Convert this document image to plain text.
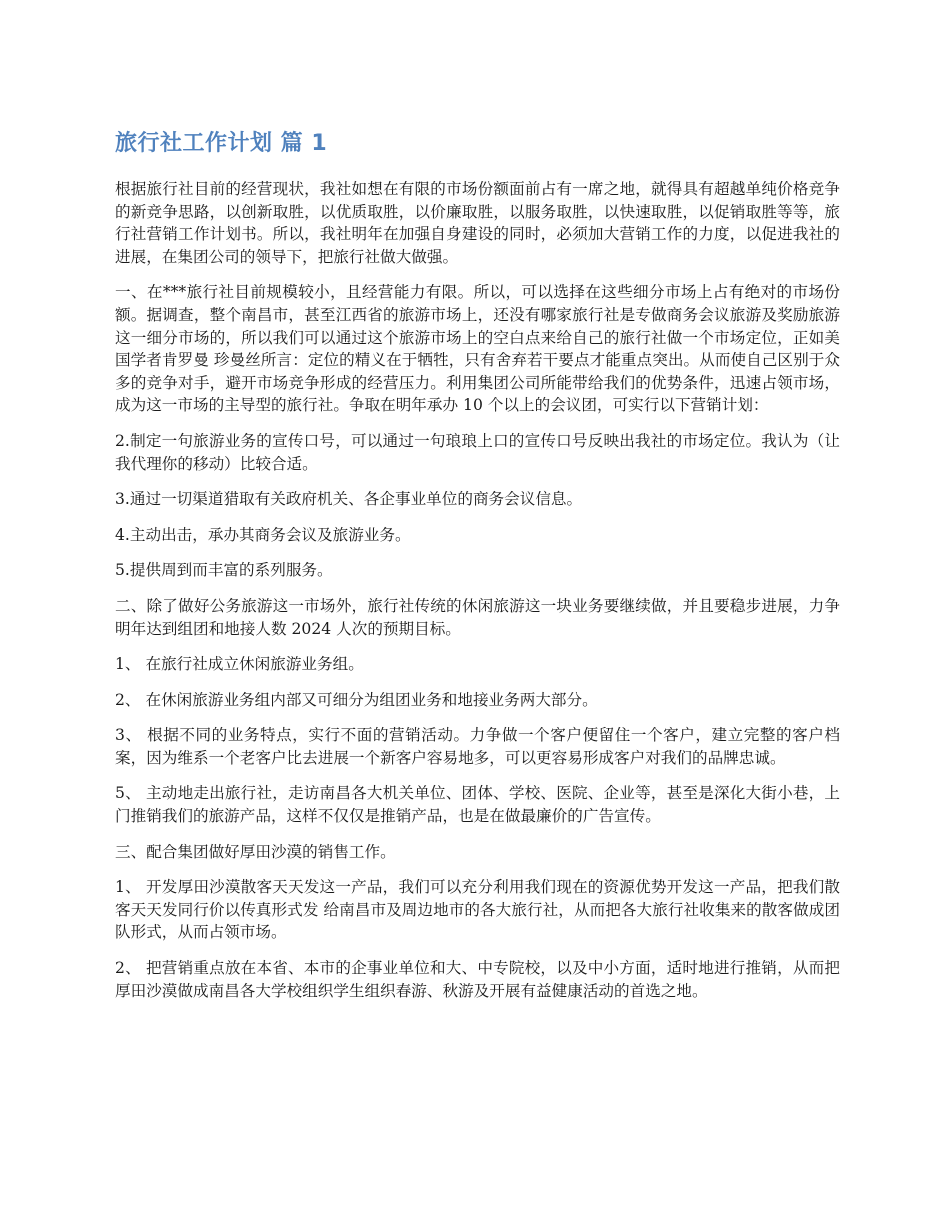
旅行社工作计划 篇 1

根据旅行社目前的经营现状，我社如想在有限的市场份额面前占有一席之地，就得具有超越单纯价格竞争的新竞争思路，以创新取胜，以优质取胜，以价廉取胜，以服务取胜，以快速取胜，以促销取胜等等，旅行社营销工作计划书。所以，我社明年在加强自身建设的同时，必须加大营销工作的力度，以促进我社的进展，在集团公司的领导下，把旅行社做大做强。

一、在***旅行社目前规模较小，且经营能力有限。所以，可以选择在这些细分市场上占有绝对的市场份额。据调查，整个南昌市，甚至江西省的旅游市场上，还没有哪家旅行社是专做商务会议旅游及奖励旅游这一细分市场的，所以我们可以通过这个旅游市场上的空白点来给自己的旅行社做一个市场定位，正如美国学者肯罗曼 珍曼丝所言：定位的精义在于牺牲，只有舍弃若干要点才能重点突出。从而使自己区别于众多的竞争对手，避开市场竞争形成的经营压力。利用集团公司所能带给我们的优势条件，迅速占领市场，成为这一市场的主导型的旅行社。争取在明年承办 10 个以上的会议团，可实行以下营销计划：

2.制定一句旅游业务的宣传口号，可以通过一句琅琅上口的宣传口号反映出我社的市场定位。我认为（让我代理你的移动）比较合适。

3.通过一切渠道猎取有关政府机关、各企事业单位的商务会议信息。

4.主动出击，承办其商务会议及旅游业务。

5.提供周到而丰富的系列服务。

二、除了做好公务旅游这一市场外，旅行社传统的休闲旅游这一块业务要继续做，并且要稳步进展，力争明年达到组团和地接人数 2024 人次的预期目标。

1、 在旅行社成立休闲旅游业务组。

2、 在休闲旅游业务组内部又可细分为组团业务和地接业务两大部分。

3、 根据不同的业务特点，实行不面的营销活动。力争做一个客户便留住一个客户，建立完整的客户档案，因为维系一个老客户比去进展一个新客户容易地多，可以更容易形成客户对我们的品牌忠诚。

5、 主动地走出旅行社，走访南昌各大机关单位、团体、学校、医院、企业等，甚至是深化大街小巷，上门推销我们的旅游产品，这样不仅仅是推销产品，也是在做最廉价的广告宣传。

三、配合集团做好厚田沙漠的销售工作。

1、 开发厚田沙漠散客天天发这一产品，我们可以充分利用我们现在的资源优势开发这一产品，把我们散客天天发同行价以传真形式发 给南昌市及周边地市的各大旅行社，从而把各大旅行社收集来的散客做成团队形式，从而占领市场。

2、 把营销重点放在本省、本市的企事业单位和大、中专院校，以及中小方面，适时地进行推销，从而把厚田沙漠做成南昌各大学校组织学生组织春游、秋游及开展有益健康活动的首选之地。
